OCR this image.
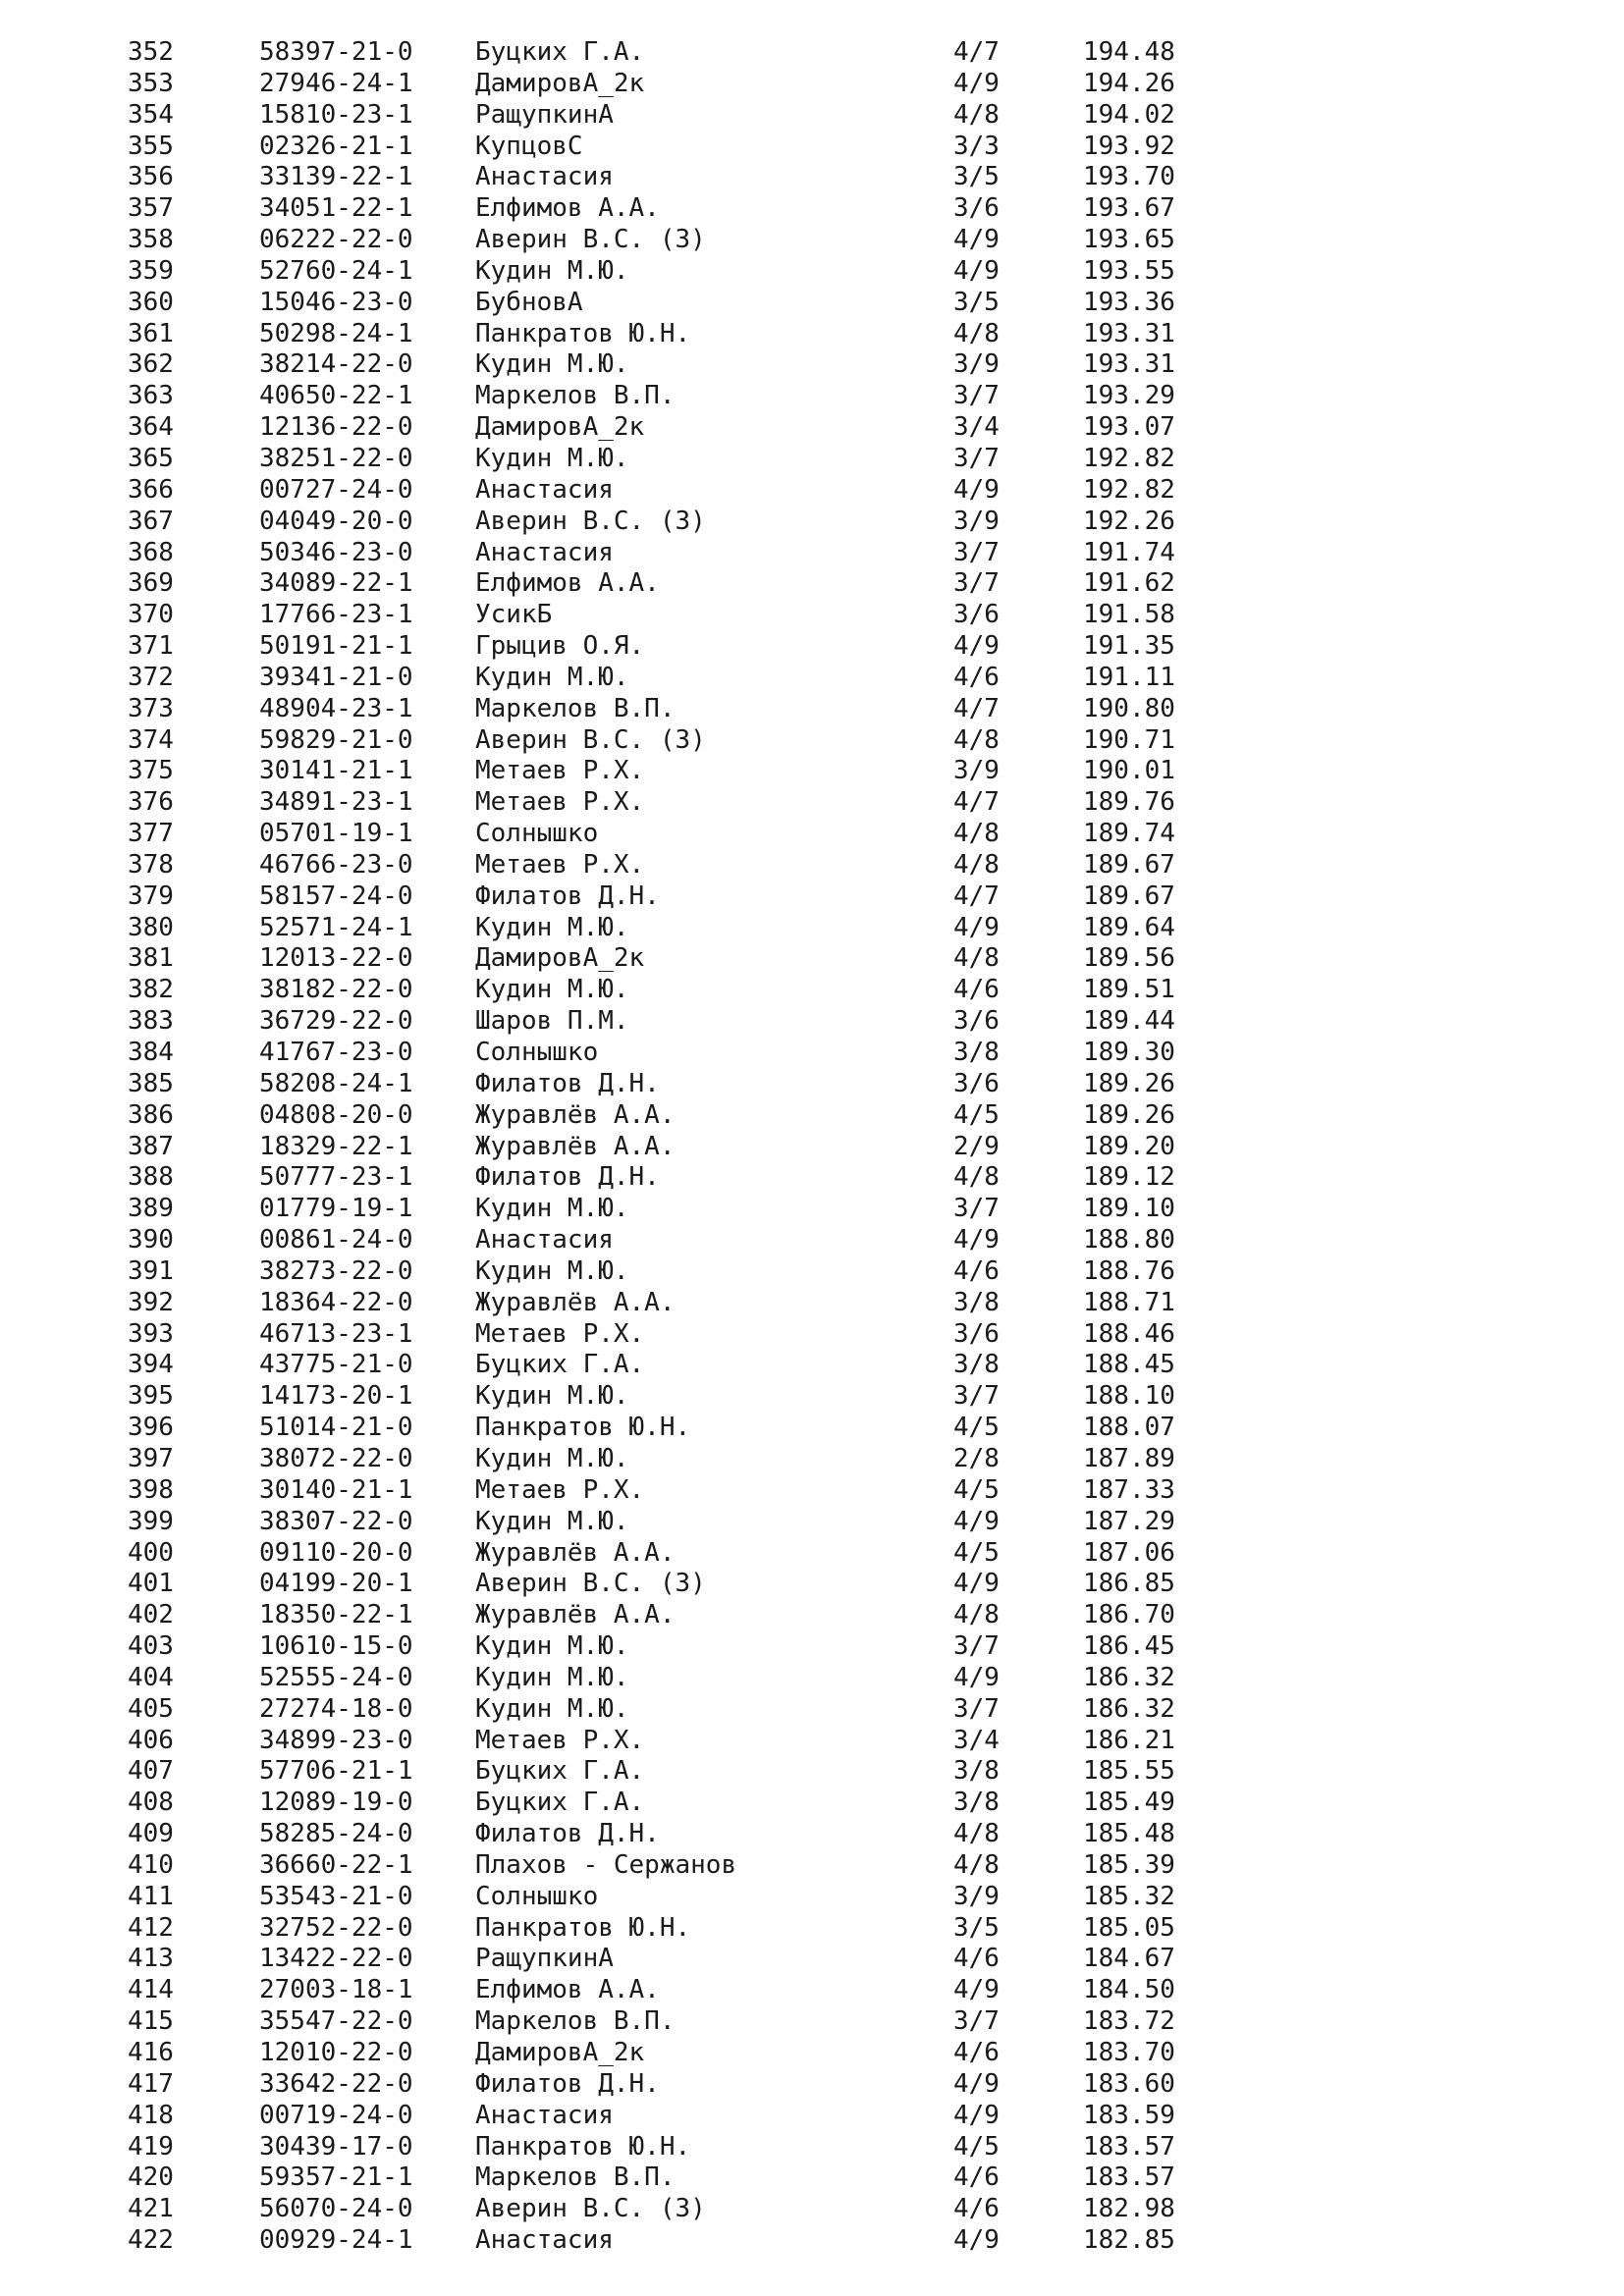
352	58397-21-0 Буцких Г.А.	4/7	194.48
353	27946-24-1 ДамировА_2к	4/9	194.26
354	15810-23-1 РащупкинА	4/8	194.02
355	02326-21-1 КупцовС	3/3	193.92
356	33139-22-1 Анастасия	3/5	193.70
357	34051-22-1 Елфимов А.А.	3/6	193.67
358	06222-22-0 Аверин В.С. (З)	4/9	193.65
359	52760-24-1 Кудин М.Ю.	4/9	193.55
360	15046-23-0 БубновА	3/5	193.36
361	50298-24-1 Панкратов Ю.Н.	4/8	193.31
362	38214-22-0 Кудин М.Ю.	3/9	193.31
363	40650-22-1 Маркелов В.П.	3/7	193.29
364	12136-22-0 ДамировА_2к	3/4	193.07
365	38251-22-0 Кудин М.Ю.	3/7	192.82
366	00727-24-0 Анастасия	4/9	192.82
367	04049-20-0 Аверин В.С. (З)	3/9	192.26
368	50346-23-0 Анастасия	3/7	191.74
369	34089-22-1 Елфимов А.А.	3/7	191.62
370	17766-23-1 УсикБ	3/6	191.58
371	50191-21-1 Грыцив О.Я.	4/9	191.35
372	39341-21-0 Кудин М.Ю.	4/6	191.11
373	48904-23-1 Маркелов В.П.	4/7	190.80
374	59829-21-0 Аверин В.С. (З)	4/8	190.71
375	30141-21-1 Метаев Р.Х.	3/9	190.01
376	34891-23-1 Метаев Р.Х.	4/7	189.76
377	05701-19-1 Солнышко	4/8	189.74
378	46766-23-0 Метаев Р.Х.	4/8	189.67
379	58157-24-0 Филатов Д.Н.	4/7	189.67
380	52571-24-1 Кудин М.Ю.	4/9	189.64
381	12013-22-0 ДамировА_2к	4/8	189.56
382	38182-22-0 Кудин М.Ю.	4/6	189.51
383	36729-22-0 Шаров П.М.	3/6	189.44
384	41767-23-0 Солнышко	3/8	189.30
385	58208-24-1 Филатов Д.Н.	3/6	189.26
386	04808-20-0 Журавлёв А.А.	4/5	189.26
387	18329-22-1 Журавлёв А.А.	2/9	189.20
388	50777-23-1 Филатов Д.Н.	4/8	189.12
389	01779-19-1 Кудин М.Ю.	3/7	189.10
390	00861-24-0 Анастасия	4/9	188.80
391	38273-22-0 Кудин М.Ю.	4/6	188.76
392	18364-22-0 Журавлёв А.А.	3/8	188.71
393	46713-23-1 Метаев Р.Х.	3/6	188.46
394	43775-21-0 Буцких Г.А.	3/8	188.45
395	14173-20-1 Кудин М.Ю.	3/7	188.10
396	51014-21-0 Панкратов Ю.Н.	4/5	188.07
397	38072-22-0 Кудин М.Ю.	2/8	187.89
398	30140-21-1 Метаев Р.Х.	4/5	187.33
399	38307-22-0 Кудин М.Ю.	4/9	187.29
400	09110-20-0 Журавлёв А.А.	4/5	187.06
401	04199-20-1 Аверин В.С. (З)	4/9	186.85
402	18350-22-1 Журавлёв А.А.	4/8	186.70
403	10610-15-0 Кудин М.Ю.	3/7	186.45
404	52555-24-0 Кудин М.Ю.	4/9	186.32
405	27274-18-0 Кудин М.Ю.	3/7	186.32
406	34899-23-0 Метаев Р.Х.	3/4	186.21
407	57706-21-1 Буцких Г.А.	3/8	185.55
408	12089-19-0 Буцких Г.А.	3/8	185.49
409	58285-24-0 Филатов Д.Н.	4/8	185.48
410	36660-22-1 Плахов - Сержанов	4/8	185.39
411	53543-21-0 Солнышко	3/9	185.32
412	32752-22-0 Панкратов Ю.Н.	3/5	185.05
413	13422-22-0 РащупкинА	4/6	184.67
414	27003-18-1 Елфимов А.А.	4/9	184.50
415	35547-22-0 Маркелов В.П.	3/7	183.72
416	12010-22-0 ДамировА_2к	4/6	183.70
417	33642-22-0 Филатов Д.Н.	4/9	183.60
418	00719-24-0 Анастасия	4/9	183.59
419	30439-17-0 Панкратов Ю.Н.	4/5	183.57
420	59357-21-1 Маркелов В.П.	4/6	183.57
421	56070-24-0 Аверин В.С. (З)	4/6	182.98
422	00929-24-1 Анастасия	4/9	182.85
